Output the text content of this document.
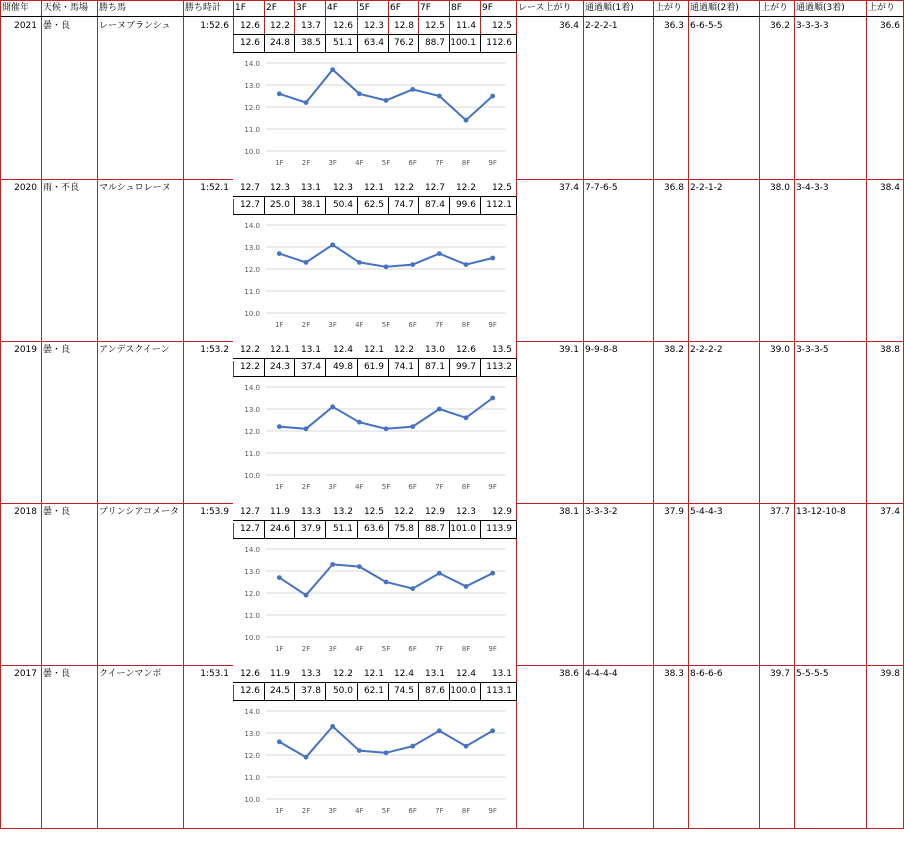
開催年	天候・馬場	勝ち馬	勝ち時計	1F	2F	3F	4F	5F	6F	7F	8F	9F	レース上がり	通過順(1着)	上がり 通過順(2着)	上がり 通過順(3着)	上がり
2021 曇・良	レーヌブランシュ	1:52.6	36.4 2-2-2-1	36.3 6-6-5-5	36.2 3-3-3-3	36.6
12.6	12.2	13.7	12.6	12.3	12.8	12.5	11.4	12.5
12.6	24.8	38.5	51.1	63.4	76.2	88.7 100.1	112.6
14.0
13.0
12.0
11.0
10.0
1F	2F	3F	4F	5F	6F	7F	8F	9F
2020 雨・不良	マルシュロレーヌ	1:52.1	37.4 7-7-6-5	36.8 2-2-1-2	38.0 3-4-3-3	38.4
12.7	12.3	13.1	12.3	12.1	12.2	12.7	12.2	12.5
12.7	25.0	38.1	50.4	62.5	74.7	87.4	99.6	112.1
14.0
13.0
12.0
11.0
10.0
1F	2F	3F	4F	5F	6F	7F	8F	9F
2019 曇・良	アンデスクイーン	1:53.2	39.1 9-9-8-8	38.2 2-2-2-2	39.0 3-3-3-5	38.8
12.2	12.1	13.1	12.4	12.1	12.2	13.0	12.6	13.5
12.2	24.3	37.4	49.8	61.9	74.1	87.1	99.7	113.2
14.0
13.0
12.0
11.0
10.0
1F	2F	3F	4F	5F	6F	7F	8F	9F
2018 曇・良	プリンシアコメータ	1:53.9	38.1 3-3-3-2	37.9 5-4-4-3	37.7 13-12-10-8	37.4
12.7	11.9	13.3	13.2	12.5	12.2	12.9	12.3	12.9
12.7	24.6	37.9	51.1	63.6	75.8	88.7 101.0	113.9
14.0
13.0
12.0
11.0
10.0
1F	2F	3F	4F	5F	6F	7F	8F	9F
2017 曇・良	クイーンマンボ	1:53.1	38.6 4-4-4-4	38.3 8-6-6-6	39.7 5-5-5-5	39.8
12.6	11.9	13.3	12.2	12.1	12.4	13.1	12.4	13.1
12.6	24.5	37.8	50.0	62.1	74.5	87.6 100.0	113.1
14.0
13.0
12.0
11.0
10.0
1F	2F	3F	4F	5F	6F	7F	8F	9F
